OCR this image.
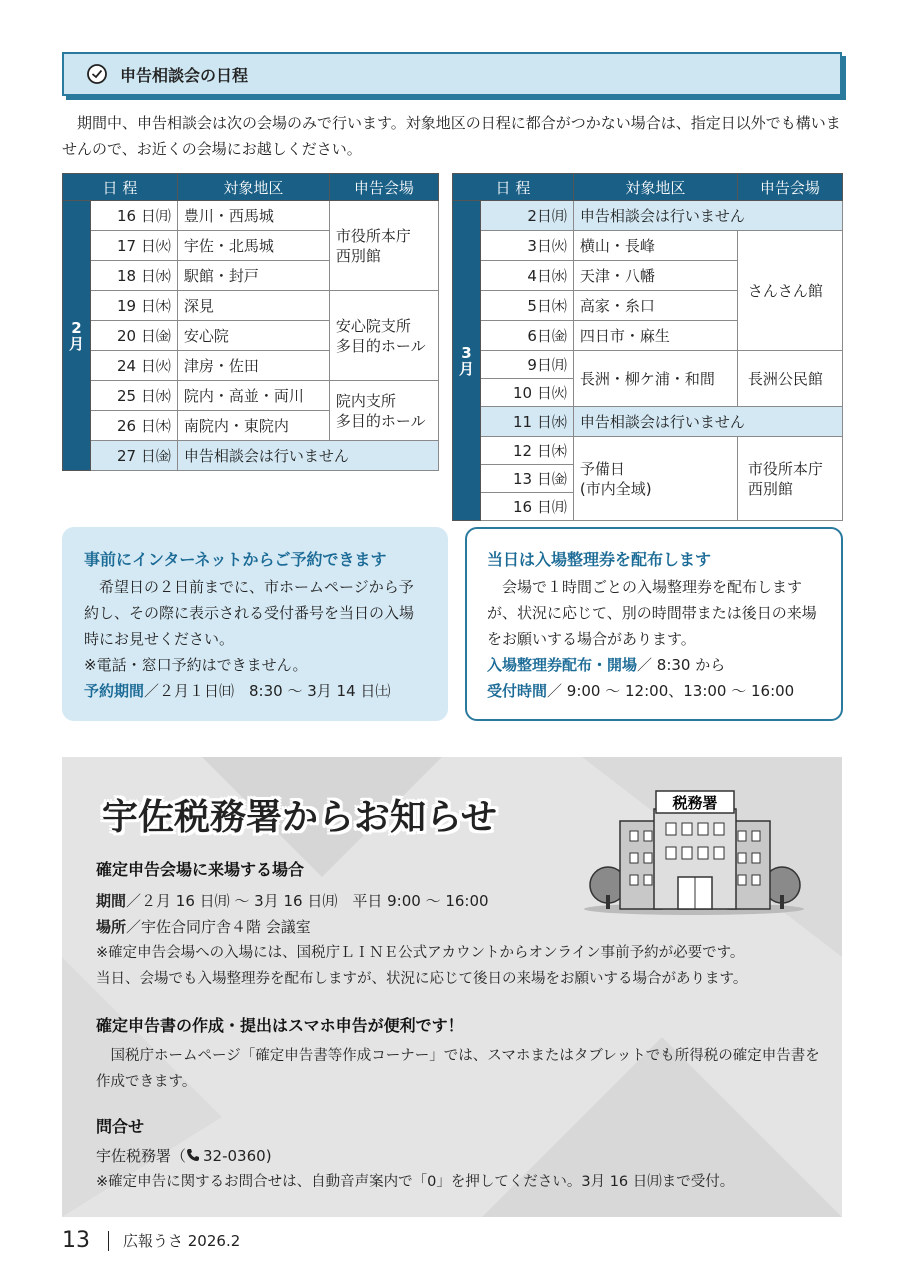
申告相談会の日程

期間中、申告相談会は次の会場のみで行います。対象地区の日程に都合がつかない場合は、指定日以外でも構いませんので、お近くの会場にお越しください。

日 程		対象地区	申告会場
2月	16 日㈪	豊川・西馬城	市役所本庁
西別館
	17 日㈫	宇佐・北馬城	
	18 日㈬	駅館・封戸	
	19 日㈭	深見	安心院支所
多目的ホール
	20 日㈮	安心院	
	24 日㈫	津房・佐田	
	25 日㈬	院内・高並・両川	院内支所
多目的ホール
	26 日㈭	南院内・東院内	
	27 日㈮	申告相談会は行いません	
日 程		対象地区	申告会場
3月	2日㈪	申告相談会は行いません	
	3日㈫	横山・長峰	さんさん館
	4日㈬	天津・八幡	
	5日㈭	高家・糸口	
	6日㈮	四日市・麻生	
	9日㈪	長洲・柳ケ浦・和間	長洲公民館
	10 日㈫		
	11 日㈬	申告相談会は行いません	
	12 日㈭	予備日
(市内全域)	市役所本庁
西別館
	13 日㈮		
	16 日㈪		
事前にインターネットからご予約できます

希望日の２日前までに、市ホームページから予約し、その際に表示される受付番号を当日の入場時にお見せください。

※電話・窓口予約はできません。

予約期間／２月１日㈰　8:30 ～ 3月 14 日㈯

当日は入場整理券を配布します

会場で１時間ごとの入場整理券を配布しますが、状況に応じて、別の時間帯または後日の来場をお願いする場合があります。

入場整理券配布・開場／ 8:30 から

受付時間／ 9:00 ～ 12:00、13:00 ～ 16:00

宇佐税務署からお知らせ	税務署
確定申告会場に来場する場合

期間／２月 16 日㈪ ～ 3月 16 日㈪　平日 9:00 ～ 16:00

場所／宇佐合同庁舎４階 会議室

※確定申告会場への入場には、国税庁ＬＩＮＥ公式アカウントからオンライン事前予約が必要です。

当日、会場でも入場整理券を配布しますが、状況に応じて後日の来場をお願いする場合があります。

確定申告書の作成・提出はスマホ申告が便利です！

国税庁ホームページ「確定申告書等作成コーナー」では、スマホまたはタブレットでも所得税の確定申告書を作成できます。

問合せ

宇佐税務署（ 32-0360)

※確定申告に関するお問合せは、自動音声案内で「0」を押してください。3月 16 日㈪まで受付。

13 広報うさ 2026.2
